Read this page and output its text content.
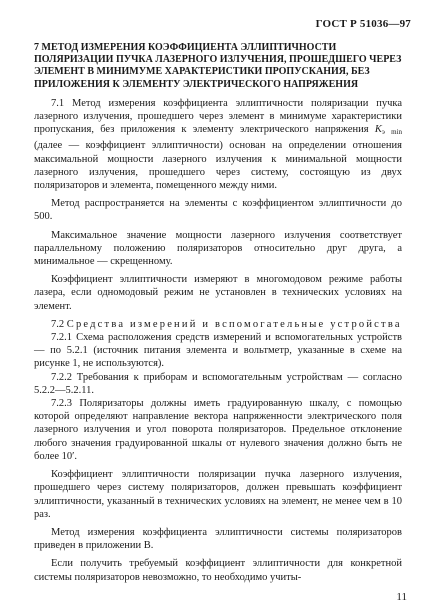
ГОСТ Р 51036—97

7 МЕТОД ИЗМЕРЕНИЯ КОЭФФИЦИЕНТА ЭЛЛИПТИЧНОСТИ ПОЛЯРИЗАЦИИ ПУЧКА ЛАЗЕРНОГО ИЗЛУЧЕНИЯ, ПРОШЕДШЕГО ЧЕРЕЗ ЭЛЕМЕНТ В МИНИМУМЕ ХАРАКТЕРИСТИКИ ПРОПУСКАНИЯ, БЕЗ ПРИЛОЖЕНИЯ К ЭЛЕМЕНТУ ЭЛЕКТРИЧЕСКОГО НАПРЯЖЕНИЯ

7.1 Метод измерения коэффициента эллиптичности поляризации пучка лазерного излучения, прошедшего через элемент в минимуме характеристики пропускания, без приложения к элементу электрического напряжения $K_э$ $_{min}$ (далее — коэффициент эллиптичности) основан на определении отношения максимальной мощности лазерного излучения к минимальной мощности лазерного излучения, прошедшего через систему, состоящую из двух поляризаторов и элемента, помещенного между ними.

Метод распространяется на элементы с коэффициентом эллиптичности до 500.

Максимальное значение мощности лазерного излучения соответствует параллельному положению поляризаторов относительно друг друга, а минимальное — скрещенному.

Коэффициент эллиптичности измеряют в многомодовом режиме работы лазера, если одномодовый режим не установлен в технических условиях на элемент.

7.2 Средства измерений и вспомогательные устройства

7.2.1 Схема расположения средств измерений и вспомогательных устройств — по 5.2.1 (источник питания элемента и вольтметр, указанные в схеме на рисунке 1, не используются).

7.2.2 Требования к приборам и вспомогательным устройствам — согласно 5.2.2—5.2.11.

7.2.3 Поляризаторы должны иметь градуированную шкалу, с помощью которой определяют направление вектора напряженности электрического поля лазерного излучения и угол поворота поляризаторов. Предельное отклонение любого значения градуированной шкалы от нулевого значения должно быть не более 10′.

Коэффициент эллиптичности поляризации пучка лазерного излучения, прошедшего через систему поляризаторов, должен превышать коэффициент эллиптичности, указанный в технических условиях на элемент, не менее чем в 10 раз.

Метод измерения коэффициента эллиптичности системы поляризаторов приведен в приложении В.

Если получить требуемый коэффициент эллиптичности для конкретной системы поляризаторов невозможно, то необходимо учиты-

11
